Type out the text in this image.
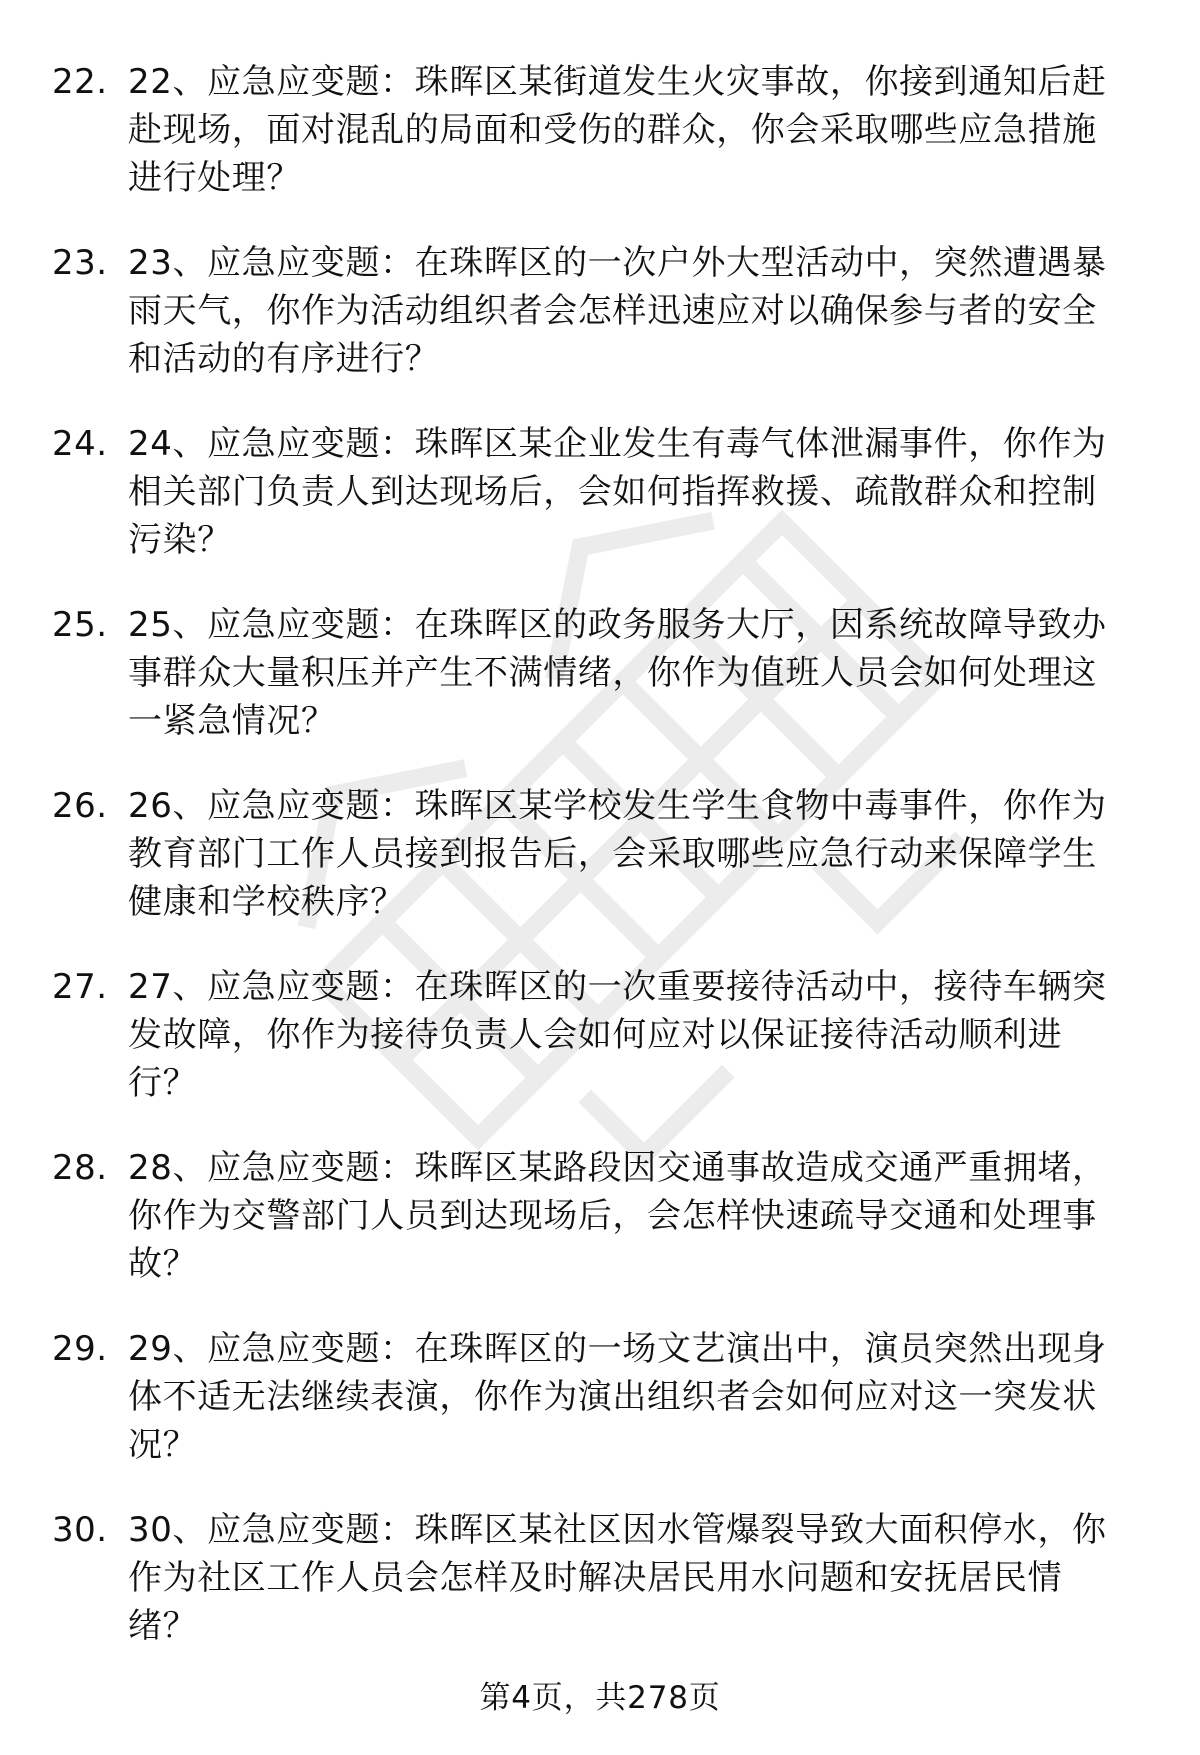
22. 22、应急应变题：珠晖区某街道发生火灾事故，你接到通知后赶
赴现场，面对混乱的局面和受伤的群众，你会采取哪些应急措施
进行处理？
23. 23、应急应变题：在珠晖区的一次户外大型活动中，突然遭遇暴
雨天气，你作为活动组织者会怎样迅速应对以确保参与者的安全
和活动的有序进行？
24. 24、应急应变题：珠晖区某企业发生有毒气体泄漏事件，你作为
相关部门负责人到达现场后，会如何指挥救援、疏散群众和控制
污染？
25. 25、应急应变题：在珠晖区的政务服务大厅，因系统故障导致办
事群众大量积压并产生不满情绪，你作为值班人员会如何处理这
一紧急情况？
26. 26、应急应变题：珠晖区某学校发生学生食物中毒事件，你作为
教育部门工作人员接到报告后，会采取哪些应急行动来保障学生
健康和学校秩序？
27. 27、应急应变题：在珠晖区的一次重要接待活动中，接待车辆突
发故障，你作为接待负责人会如何应对以保证接待活动顺利进
行？
28. 28、应急应变题：珠晖区某路段因交通事故造成交通严重拥堵，
你作为交警部门人员到达现场后，会怎样快速疏导交通和处理事
故？
29. 29、应急应变题：在珠晖区的一场文艺演出中，演员突然出现身
体不适无法继续表演，你作为演出组织者会如何应对这一突发状
况？
30. 30、应急应变题：珠晖区某社区因水管爆裂导致大面积停水，你
作为社区工作人员会怎样及时解决居民用水问题和安抚居民情
绪？
第4页，共278页
